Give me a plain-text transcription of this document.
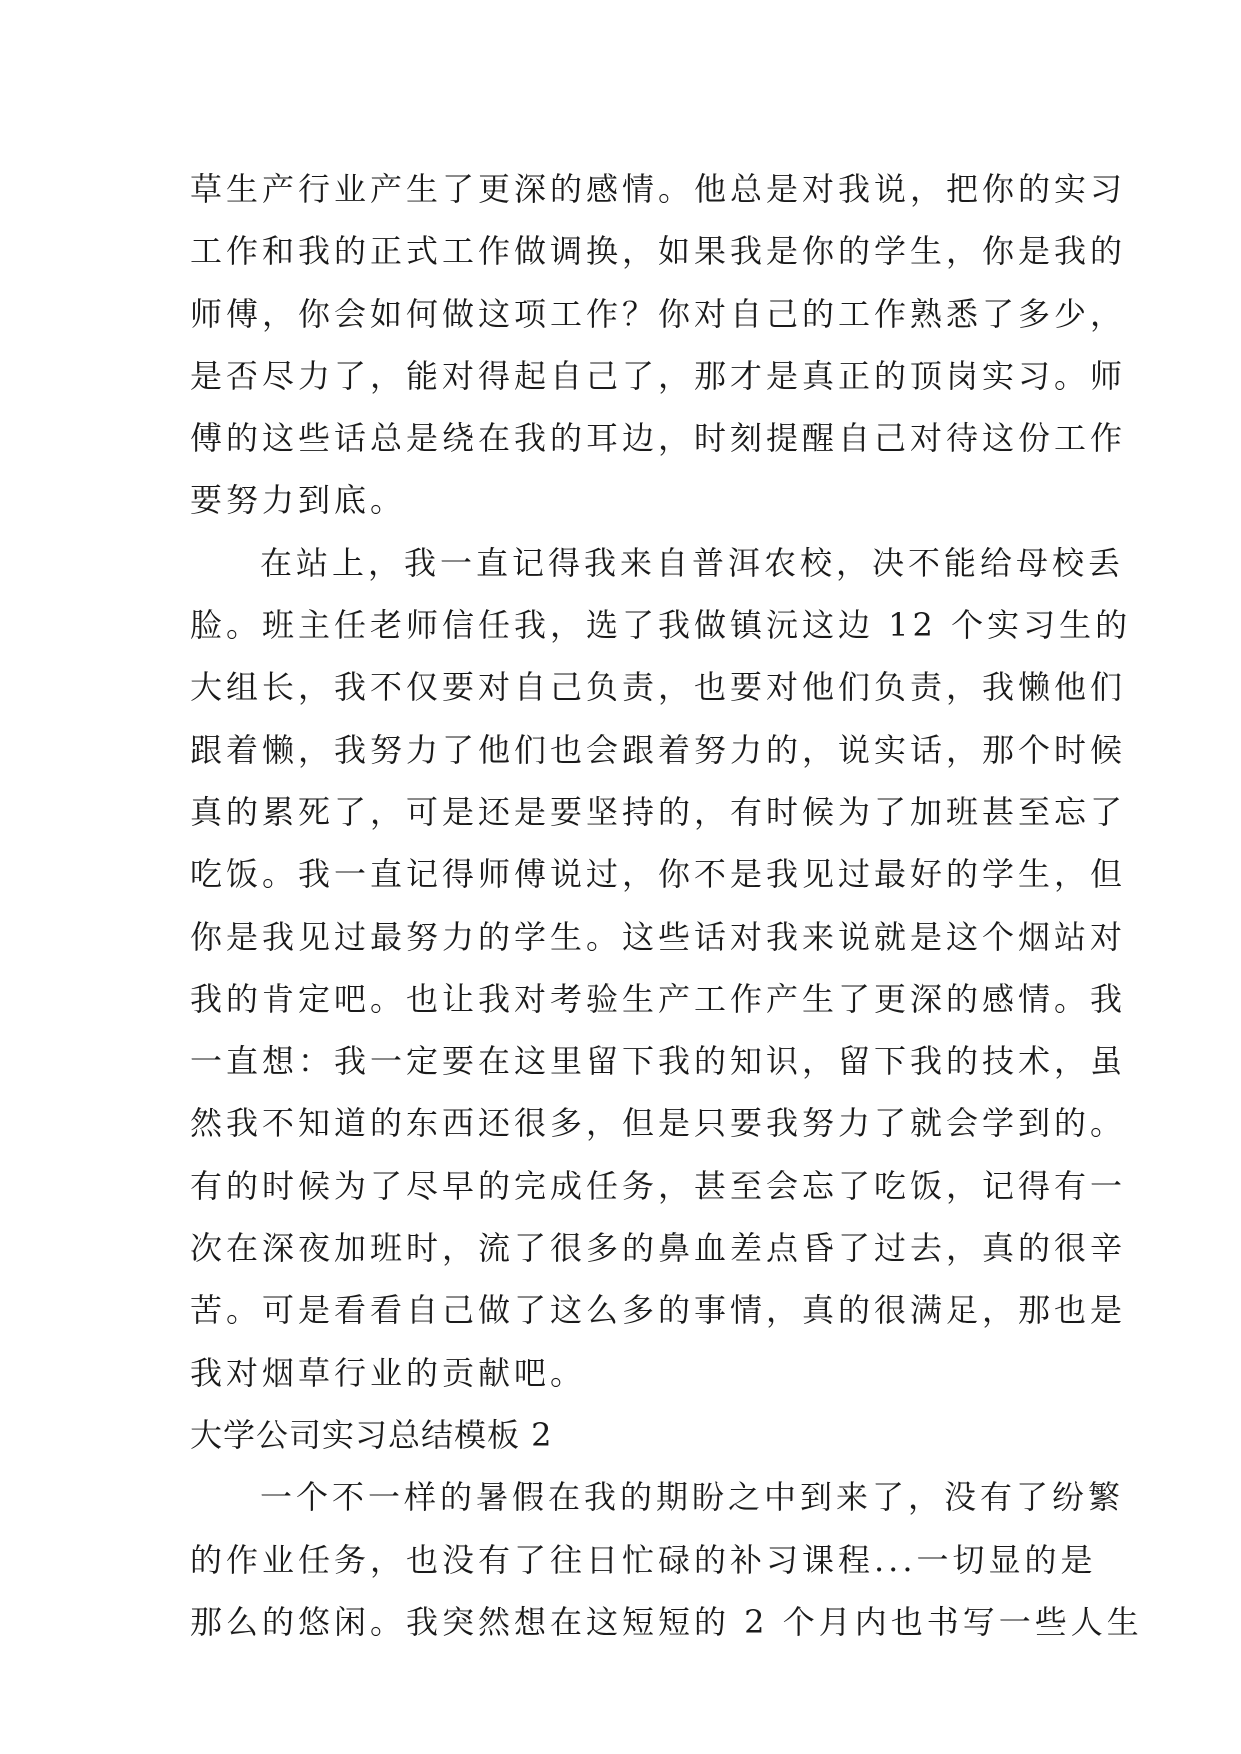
草生产行业产生了更深的感情。他总是对我说，把你的实习
工作和我的正式工作做调换，如果我是你的学生，你是我的
师傅，你会如何做这项工作？你对自己的工作熟悉了多少，
是否尽力了，能对得起自己了，那才是真正的顶岗实习。师
傅的这些话总是绕在我的耳边，时刻提醒自己对待这份工作
要努力到底。
在站上，我一直记得我来自普洱农校，决不能给母校丢
脸。班主任老师信任我，选了我做镇沅这边 12 个实习生的
大组长，我不仅要对自己负责，也要对他们负责，我懒他们
跟着懒，我努力了他们也会跟着努力的，说实话，那个时候
真的累死了，可是还是要坚持的，有时候为了加班甚至忘了
吃饭。我一直记得师傅说过，你不是我见过最好的学生，但
你是我见过最努力的学生。这些话对我来说就是这个烟站对
我的肯定吧。也让我对考验生产工作产生了更深的感情。我
一直想：我一定要在这里留下我的知识，留下我的技术，虽
然我不知道的东西还很多，但是只要我努力了就会学到的。
有的时候为了尽早的完成任务，甚至会忘了吃饭，记得有一
次在深夜加班时，流了很多的鼻血差点昏了过去，真的很辛
苦。可是看看自己做了这么多的事情，真的很满足，那也是
我对烟草行业的贡献吧。
大学公司实习总结模板 2
一个不一样的暑假在我的期盼之中到来了，没有了纷繁
的作业任务，也没有了往日忙碌的补习课程...一切显的是
那么的悠闲。我突然想在这短短的 2 个月内也书写一些人生
